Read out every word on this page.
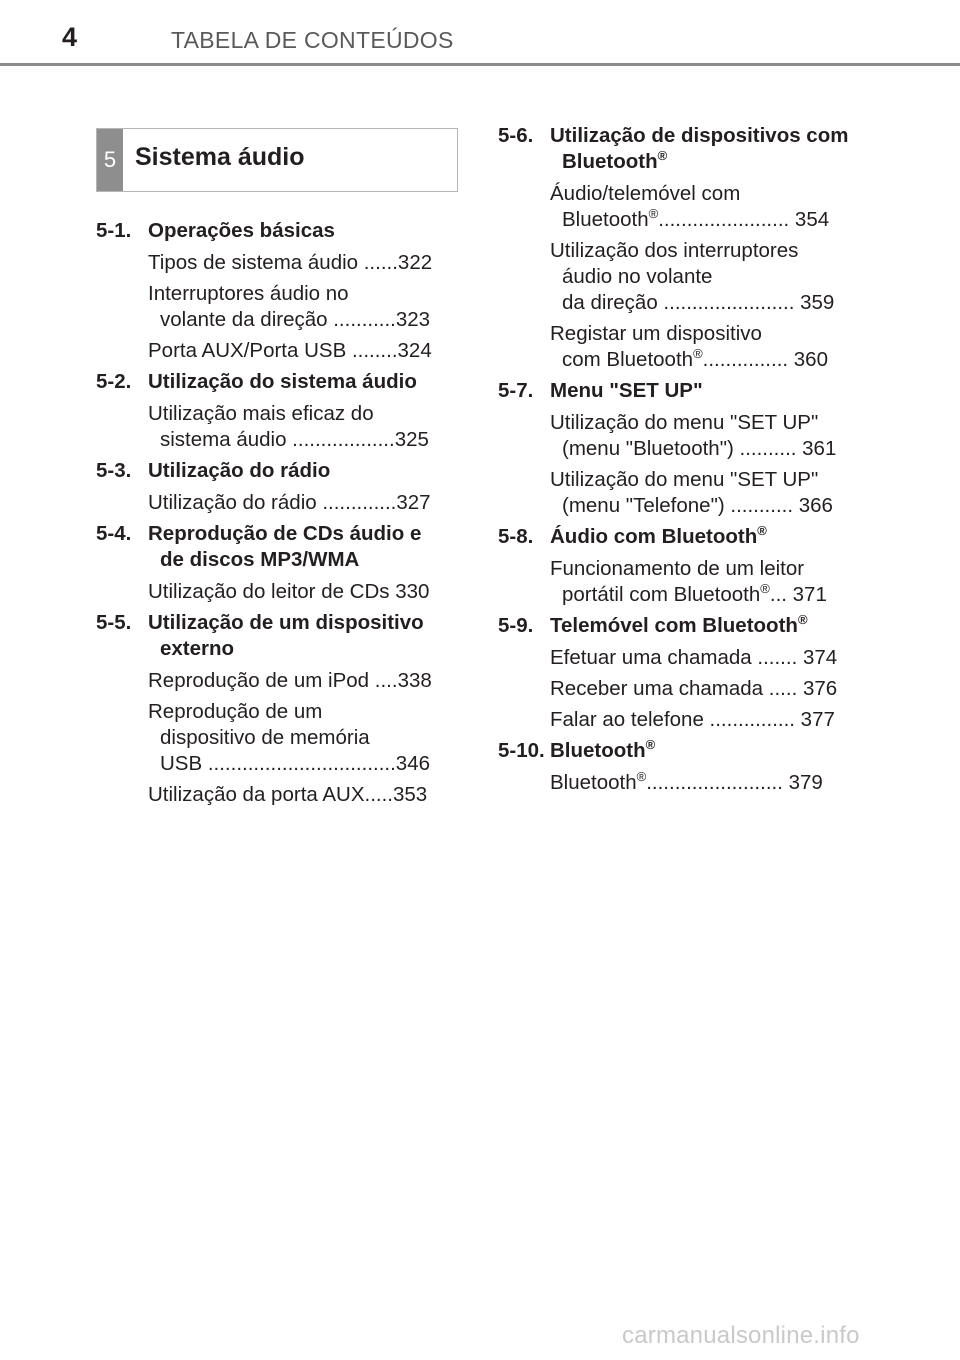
4	TABELA DE CONTEÚDOS
5 Sistema áudio
5-1. Operações básicas
Tipos de sistema áudio ......322
Interruptores áudio no
volante da direção ...........323
Porta AUX/Porta USB ........324
5-2. Utilização do sistema áudio
Utilização mais eficaz do
sistema áudio ..................325
5-3. Utilização do rádio
Utilização do rádio .............327
5-4. Reprodução de CDs áudio e de discos MP3/WMA
Utilização do leitor de CDs 330
5-5. Utilização de um dispositivo externo
Reprodução de um iPod ....338
Reprodução de um
dispositivo de memória
USB .................................346
Utilização da porta AUX.....353
5-6. Utilização de dispositivos com Bluetooth®
Áudio/telemóvel com
Bluetooth®....................... 354
Utilização dos interruptores
áudio no volante
da direção ....................... 359
Registar um dispositivo
com Bluetooth®............... 360
5-7. Menu "SET UP"
Utilização do menu "SET UP"
(menu "Bluetooth") .......... 361
Utilização do menu "SET UP"
(menu "Telefone") ........... 366
5-8. Áudio com Bluetooth®
Funcionamento de um leitor
portátil com Bluetooth®... 371
5-9. Telemóvel com Bluetooth®
Efetuar uma chamada ....... 374
Receber uma chamada ..... 376
Falar ao telefone ............... 377
5-10. Bluetooth®
Bluetooth®........................ 379
carmanualsonline.info
